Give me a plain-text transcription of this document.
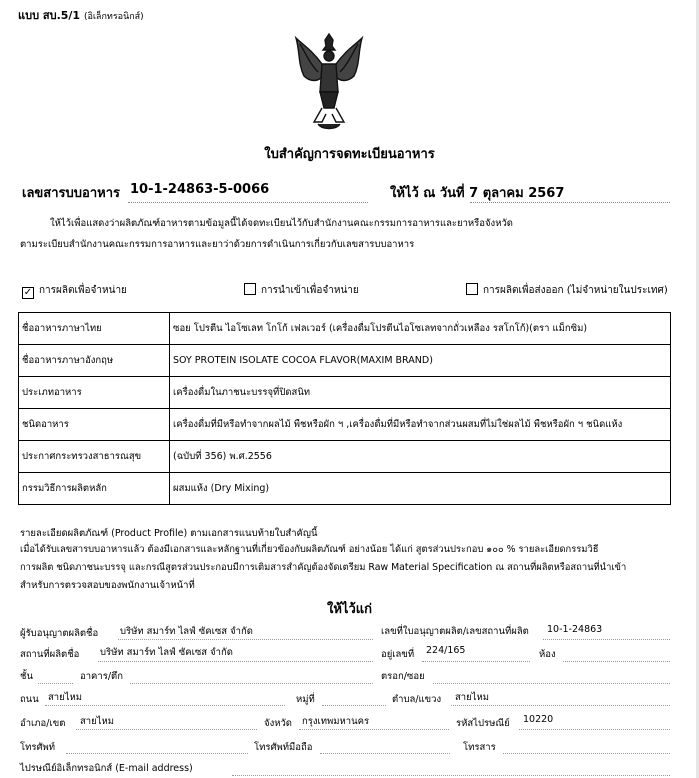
แบบ สบ.5/1 (อิเล็กทรอนิกส์)
ใบสำคัญการจดทะเบียนอาหาร
เลขสารบบอาหาร 10-1-24863-5-0066	ให้ไว้ ณ วันที่ 7 ตุลาคม 2567
ให้ไว้เพื่อแสดงว่าผลิตภัณฑ์อาหารตามข้อมูลนี้ได้จดทะเบียนไว้กับสำนักงานคณะกรรมการอาหารและยาหรือจังหวัด
ตามระเบียบสำนักงานคณะกรรมการอาหารและยาว่าด้วยการดำเนินการเกี่ยวกับเลขสารบบอาหาร
✓ การผลิตเพื่อจำหน่าย	การนำเข้าเพื่อจำหน่าย	การผลิตเพื่อส่งออก (ไม่จำหน่ายในประเทศ)
ชื่ออาหารภาษาไทย	ซอย โปรตีน ไอโซเลท โกโก้ เฟลเวอร์ (เครื่องดื่มโปรตีนไอโซเลทจากถั่วเหลือง รสโกโก้)(ตรา แม็กซิม)
ชื่ออาหารภาษาอังกฤษ	SOY PROTEIN ISOLATE COCOA FLAVOR(MAXIM BRAND)
ประเภทอาหาร	เครื่องดื่มในภาชนะบรรจุที่ปิดสนิท
ชนิดอาหาร	เครื่องดื่มที่มีหรือทำจากผลไม้ พืชหรือผัก ฯ ,เครื่องดื่มที่มีหรือทำจากส่วนผสมที่ไม่ใช่ผลไม้ พืชหรือผัก ฯ ชนิดแห้ง
ประกาศกระทรวงสาธารณสุข	(ฉบับที่ 356) พ.ศ.2556
กรรมวิธีการผลิตหลัก	ผสมแห้ง (Dry Mixing)
รายละเอียดผลิตภัณฑ์ (Product Profile) ตามเอกสารแนบท้ายใบสำคัญนี้
เมื่อได้รับเลขสารบบอาหารแล้ว ต้องมีเอกสารและหลักฐานที่เกี่ยวข้องกับผลิตภัณฑ์ อย่างน้อย ได้แก่ สูตรส่วนประกอบ ๑๐๐ % รายละเอียดกรรมวิธี
การผลิต ชนิดภาชนะบรรจุ และกรณีสูตรส่วนประกอบมีการเติมสารสำคัญต้องจัดเตรียม Raw Material Specification ณ สถานที่ผลิตหรือสถานที่นำเข้า
สำหรับการตรวจสอบของพนักงานเจ้าหน้าที่
ให้ไว้แก่
ผู้รับอนุญาตผลิตชื่อ บริษัท สมาร์ท ไลฟ์ ซัคเซส จำกัด	เลขที่ใบอนุญาตผลิต/เลขสถานที่ผลิต 10-1-24863
สถานที่ผลิตชื่อ บริษัท สมาร์ท ไลฟ์ ซัคเซส จำกัด	อยู่เลขที่ 224/165	ห้อง
ชั้น	อาคาร/ตึก	ตรอก/ซอย
ถนน สายไหม	หมู่ที่	ตำบล/แขวง สายไหม
อำเภอ/เขต สายไหม	จังหวัด กรุงเทพมหานคร	รหัสไปรษณีย์ 10220
โทรศัพท์	โทรศัพท์มือถือ	โทรสาร
ไปรษณีย์อิเล็กทรอนิกส์ (E-mail address)
